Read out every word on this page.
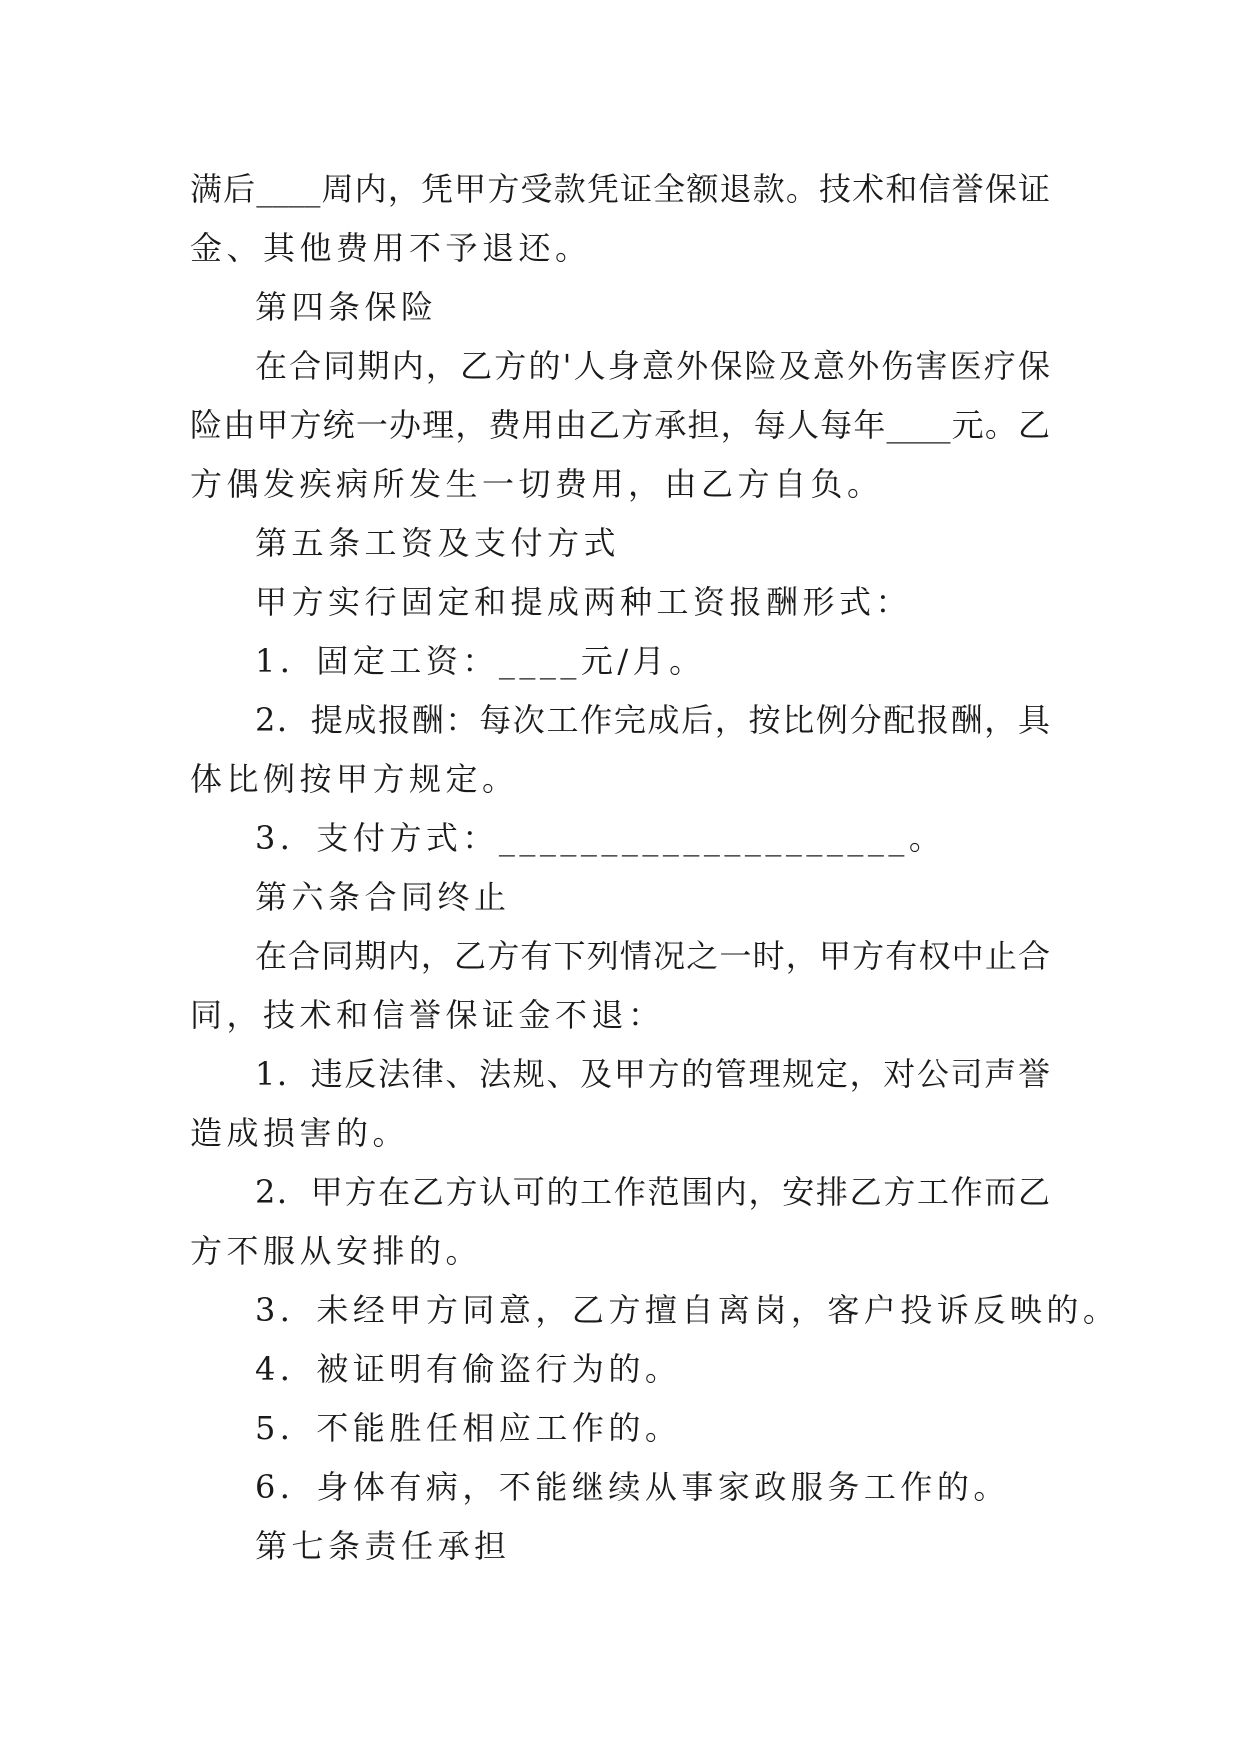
满后____周内，凭甲方受款凭证全额退款。技术和信誉保证
金、其他费用不予退还。
第四条保险
在合同期内，乙方的'人身意外保险及意外伤害医疗保
险由甲方统一办理，费用由乙方承担，每人每年____元。乙
方偶发疾病所发生一切费用，由乙方自负。
第五条工资及支付方式
甲方实行固定和提成两种工资报酬形式：
1．固定工资：____元/月。
2．提成报酬：每次工作完成后，按比例分配报酬，具
体比例按甲方规定。
3．支付方式：____________________。
第六条合同终止
在合同期内，乙方有下列情况之一时，甲方有权中止合
同，技术和信誉保证金不退：
1．违反法律、法规、及甲方的管理规定，对公司声誉
造成损害的。
2．甲方在乙方认可的工作范围内，安排乙方工作而乙
方不服从安排的。
3．未经甲方同意，乙方擅自离岗，客户投诉反映的。
4．被证明有偷盗行为的。
5．不能胜任相应工作的。
6．身体有病，不能继续从事家政服务工作的。
第七条责任承担
